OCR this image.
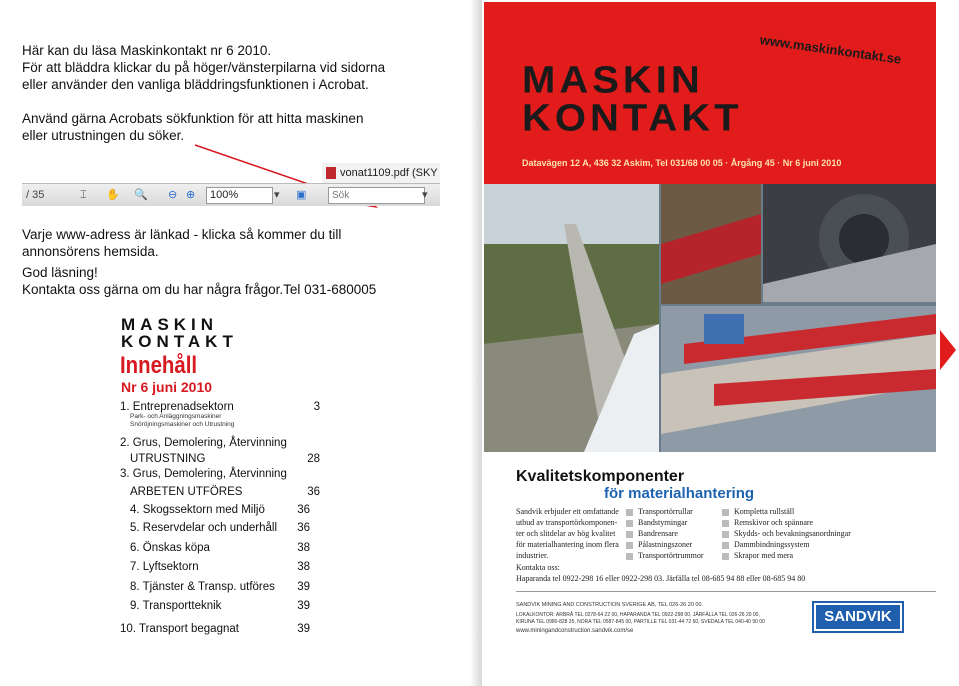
Här kan du läsa Maskinkontakt nr 6 2010.
För att bläddra klickar du på höger/vänsterpilarna vid sidorna
eller använder den vanliga bläddringsfunktionen i Acrobat.
Använd gärna Acrobats sökfunktion för att hitta maskinen
eller utrustningen du söker.
vonat1109.pdf (SKY
/ 35	⌶ ✋ 🔍 ⊖ ⊕	100%	▾ ▣	Sök	▾
Varje www-adress är länkad - klicka så kommer du till
annonsörens hemsida.
God läsning!
Kontakta oss gärna om du har några frågor.Tel 031-680005
MASKIN
KONTAKT
Innehåll
Nr 6 juni 2010
1. Entreprenadsektorn	3
Park- och Anläggningsmaskiner
Snöröjningsmaskiner och Utrustning
2. Grus, Demolering, Återvinning
UTRUSTNING	28
3. Grus, Demolering, Återvinning
ARBETEN UTFÖRES	36
4. Skogssektorn med Miljö	36
5. Reservdelar och underhåll 36
6. Önskas köpa	38
7. Lyftsektorn	38
8. Tjänster & Transp. utföres 39
9. Transportteknik	39
10. Transport begagnat	39
www.maskinkontakt.se
MASKIN
KONTAKT
Datavägen 12 A, 436 32 Askim, Tel 031/68 00 05 · Årgång 45 · Nr 6 juni 2010
Kvalitetskomponenter
för materialhantering
Sandvik erbjuder ett omfattande
utbud av transportörkomponen-
ter och slitdelar av hög kvalitet
för materialhantering inom flera
industrier.
Transportörrullar
Bandstyrningar
Bandrensare
Pålastningszoner
Transportörtrummor
Kompletta rullställ
Remskivor och spännare
Skydds- och bevakningsanordningar
Dammbindningssystem
Skrapor med mera
Kontakta oss:
Haparanda tel 0922-298 16 eller 0922-298 03. Järfälla tel 08-685 94 88 eller 08-685 94 80
SANDVIK MINING AND CONSTRUCTION SVERIGE AB, TEL 026-26 20 00.
LOKALKONTOR: ARBRÅ TEL 0278-64 22 00, HAPARANDA TEL 0922-298 00, JÄRFÄLLA TEL 026-26 20 00,
KIRUNA TEL 0980-828 35, NORA TEL 0587-845 00, PARTILLE TEL 031-44 72 60, SVEDALA TEL 040-40 90 00
www.miningandconstruction.sandvik.com/se
SANDVIK
